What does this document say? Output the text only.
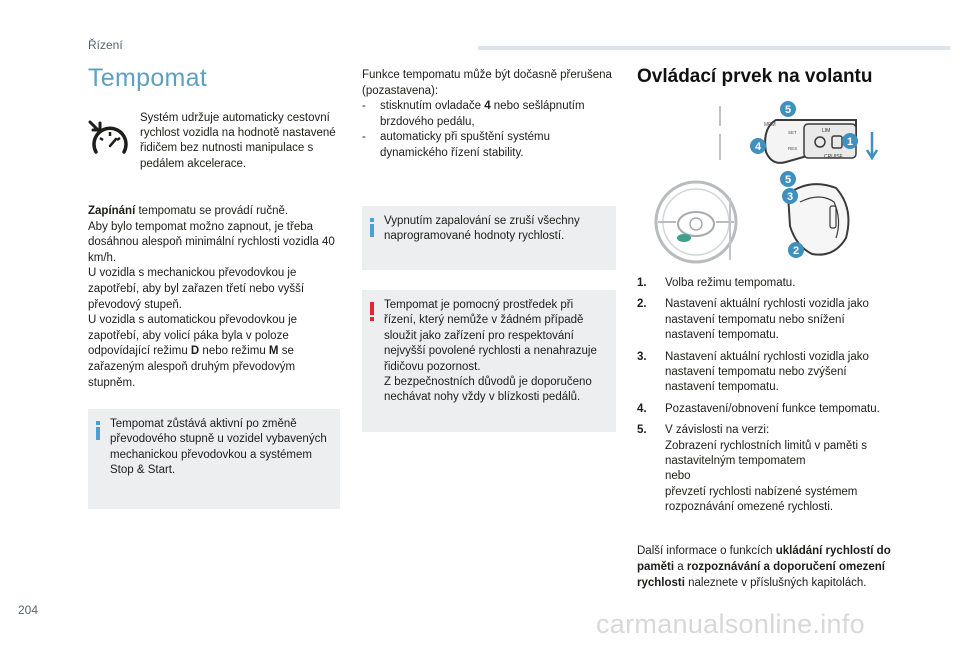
Řízení
Tempomat
Systém udržuje automaticky cestovní rychlost vozidla na hodnotě nastavené řidičem bez nutnosti manipulace s pedálem akcelerace.
Zapínání tempomatu se provádí ručně.
Aby bylo tempomat možno zapnout, je třeba dosáhnou alespoň minimální rychlosti vozidla 40 km/h.
U vozidla s mechanickou převodovkou je zapotřebí, aby byl zařazen třetí nebo vyšší převodový stupeň.
U vozidla s automatickou převodovkou je zapotřebí, aby volicí páka byla v poloze odpovídající režimu D nebo režimu M se zařazeným alespoň druhým převodovým stupněm.
Tempomat zůstává aktivní po změně převodového stupně u vozidel vybavených mechanickou převodovkou a systémem Stop & Start.
Funkce tempomatu může být dočasně přerušena (pozastavena):
- stisknutím ovladače 4 nebo sešlápnutím brzdového pedálu,
- automaticky při spuštění systému dynamického řízení stability.
Vypnutím zapalování se zruší všechny naprogramované hodnoty rychlostí.
Tempomat je pomocný prostředek při řízení, který nemůže v žádném případě sloužit jako zařízení pro respektování nejvyšší povolené rychlosti a nenahrazuje řidičovu pozornost.
Z bezpečnostních důvodů je doporučeno nechávat nohy vždy v blízkosti pedálů.
Ovládací prvek na volantu
MEM
LIM
CRUISE
SET
RES
5
1
4
5
3
2
1. Volba režimu tempomatu.
2. Nastavení aktuální rychlosti vozidla jako nastavení tempomatu nebo snížení nastavení tempomatu.
3. Nastavení aktuální rychlosti vozidla jako nastavení tempomatu nebo zvýšení nastavení tempomatu.
4. Pozastavení/obnovení funkce tempomatu.
5. V závislosti na verzi:
Zobrazení rychlostních limitů v paměti s nastavitelným tempomatem
nebo
převzetí rychlosti nabízené systémem rozpoznávání omezené rychlosti.
Další informace o funkcích ukládání rychlostí do paměti a rozpoznávání a doporučení omezení rychlosti naleznete v příslušných kapitolách.
204	carmanualsonline.info
